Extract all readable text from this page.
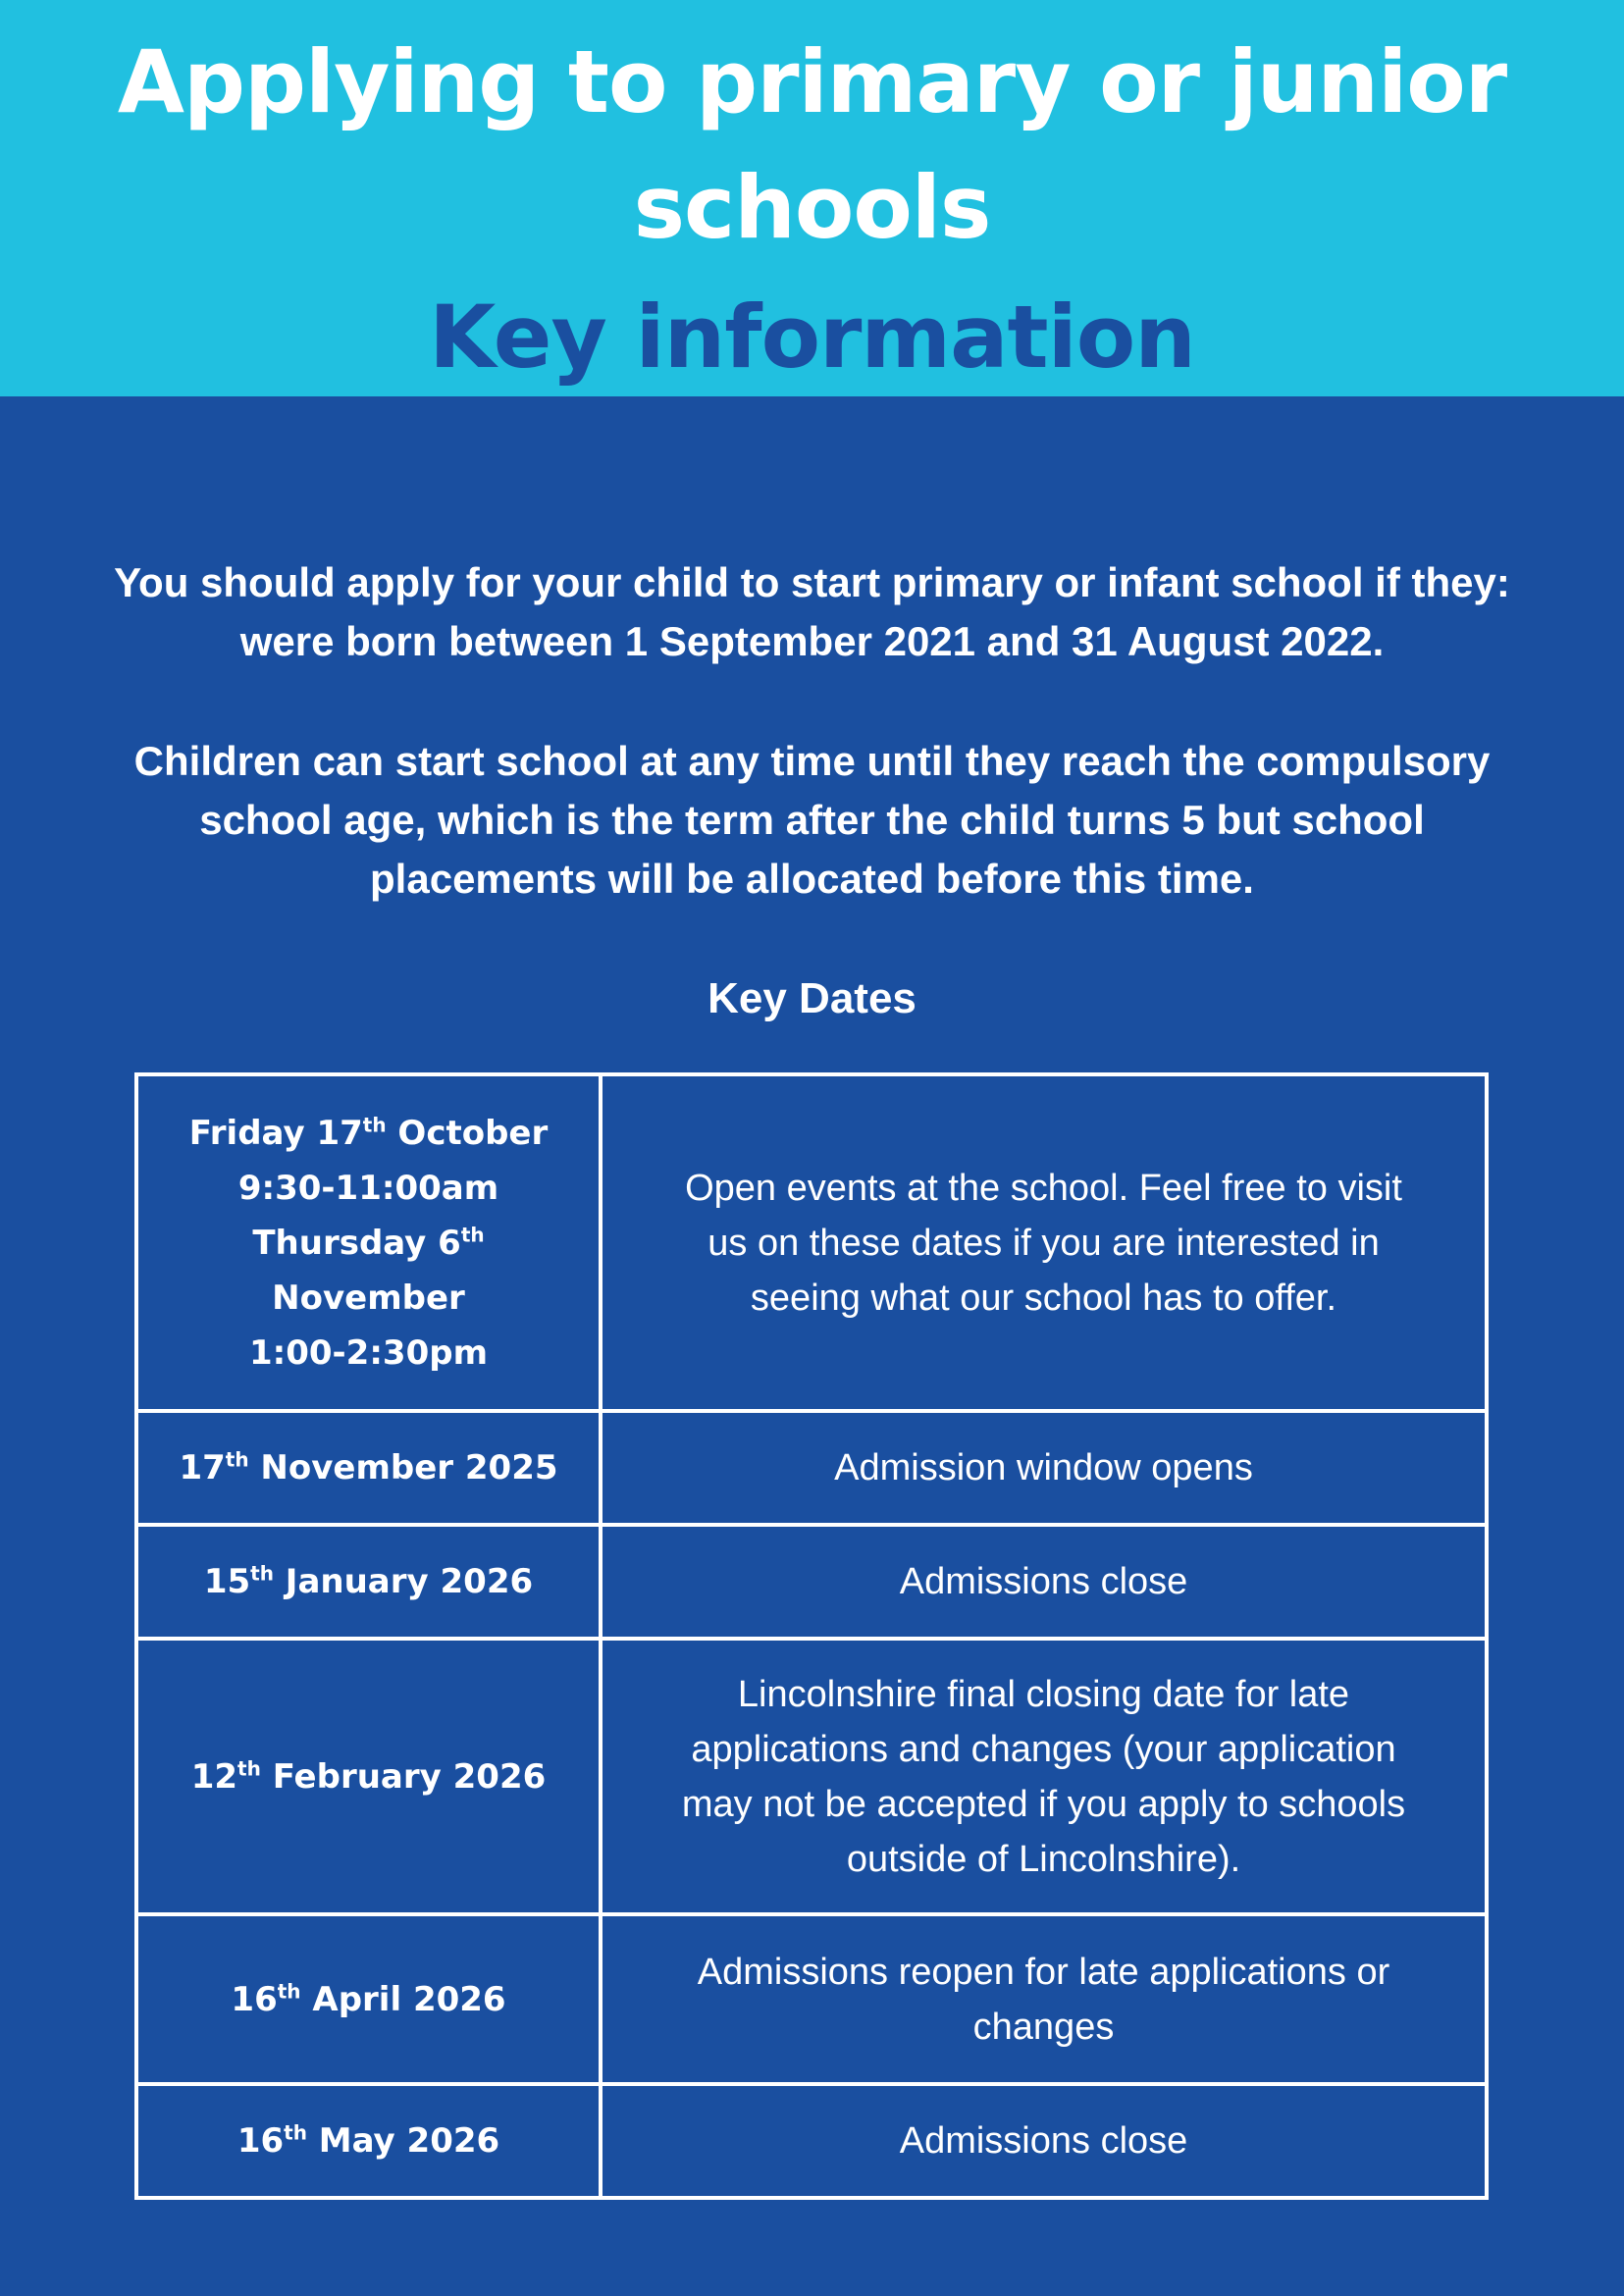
Applying to primary or junior
schools
Key information
You should apply for your child to start primary or infant school if they:
were born between 1 September 2021 and 31 August 2022.
Children can start school at any time until they reach the compulsory
school age, which is the term after the child turns 5 but school
placements will be allocated before this time.
Key Dates
Friday 17th October
9:30-11:00am
Thursday 6th
November
1:00-2:30pm	Open events at the school. Feel free to visit
us on these dates if you are interested in
seeing what our school has to offer.

17th November 2025	Admission window opens

15th January 2026	Admissions close

12th February 2026	Lincolnshire final closing date for late
applications and changes (your application
may not be accepted if you apply to schools
outside of Lincolnshire).

16th April 2026	Admissions reopen for late applications or
changes

16th May 2026	Admissions close
